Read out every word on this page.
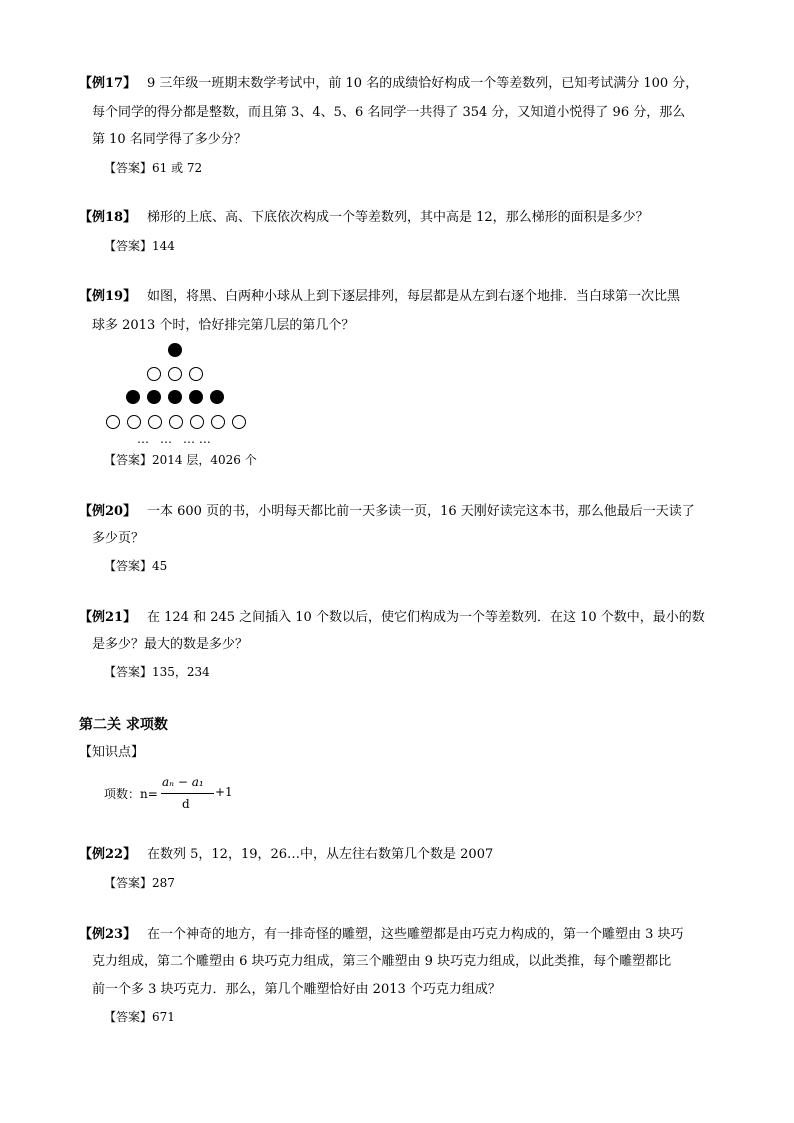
【例17】 9 三年级一班期末数学考试中，前 10 名的成绩恰好构成一个等差数列，已知考试满分 100 分，
每个同学的得分都是整数，而且第 3、4、5、6 名同学一共得了 354 分，又知道小悦得了 96 分，那么
第 10 名同学得了多少分？
【答案】61 或 72
【例18】 梯形的上底、高、下底依次构成一个等差数列，其中高是 12，那么梯形的面积是多少？
【答案】144
【例19】 如图，将黑、白两种小球从上到下逐层排列，每层都是从左到右逐个地排．当白球第一次比黑
球多 2013 个时，恰好排完第几层的第几个？
… … … …
【答案】2014 层，4026 个
【例20】 一本 600 页的书，小明每天都比前一天多读一页，16 天刚好读完这本书，那么他最后一天读了
多少页？
【答案】45
【例21】 在 124 和 245 之间插入 10 个数以后，使它们构成为一个等差数列．在这 10 个数中，最小的数
是多少？最大的数是多少？
【答案】135，234
第二关 求项数
【知识点】
项数：n=
aₙ − a₁
d
+1
【例22】 在数列 5，12，19，26…中，从左往右数第几个数是 2007
【答案】287
【例23】 在一个神奇的地方，有一排奇怪的雕塑，这些雕塑都是由巧克力构成的，第一个雕塑由 3 块巧
克力组成，第二个雕塑由 6 块巧克力组成，第三个雕塑由 9 块巧克力组成，以此类推，每个雕塑都比
前一个多 3 块巧克力．那么，第几个雕塑恰好由 2013 个巧克力组成？
【答案】671
